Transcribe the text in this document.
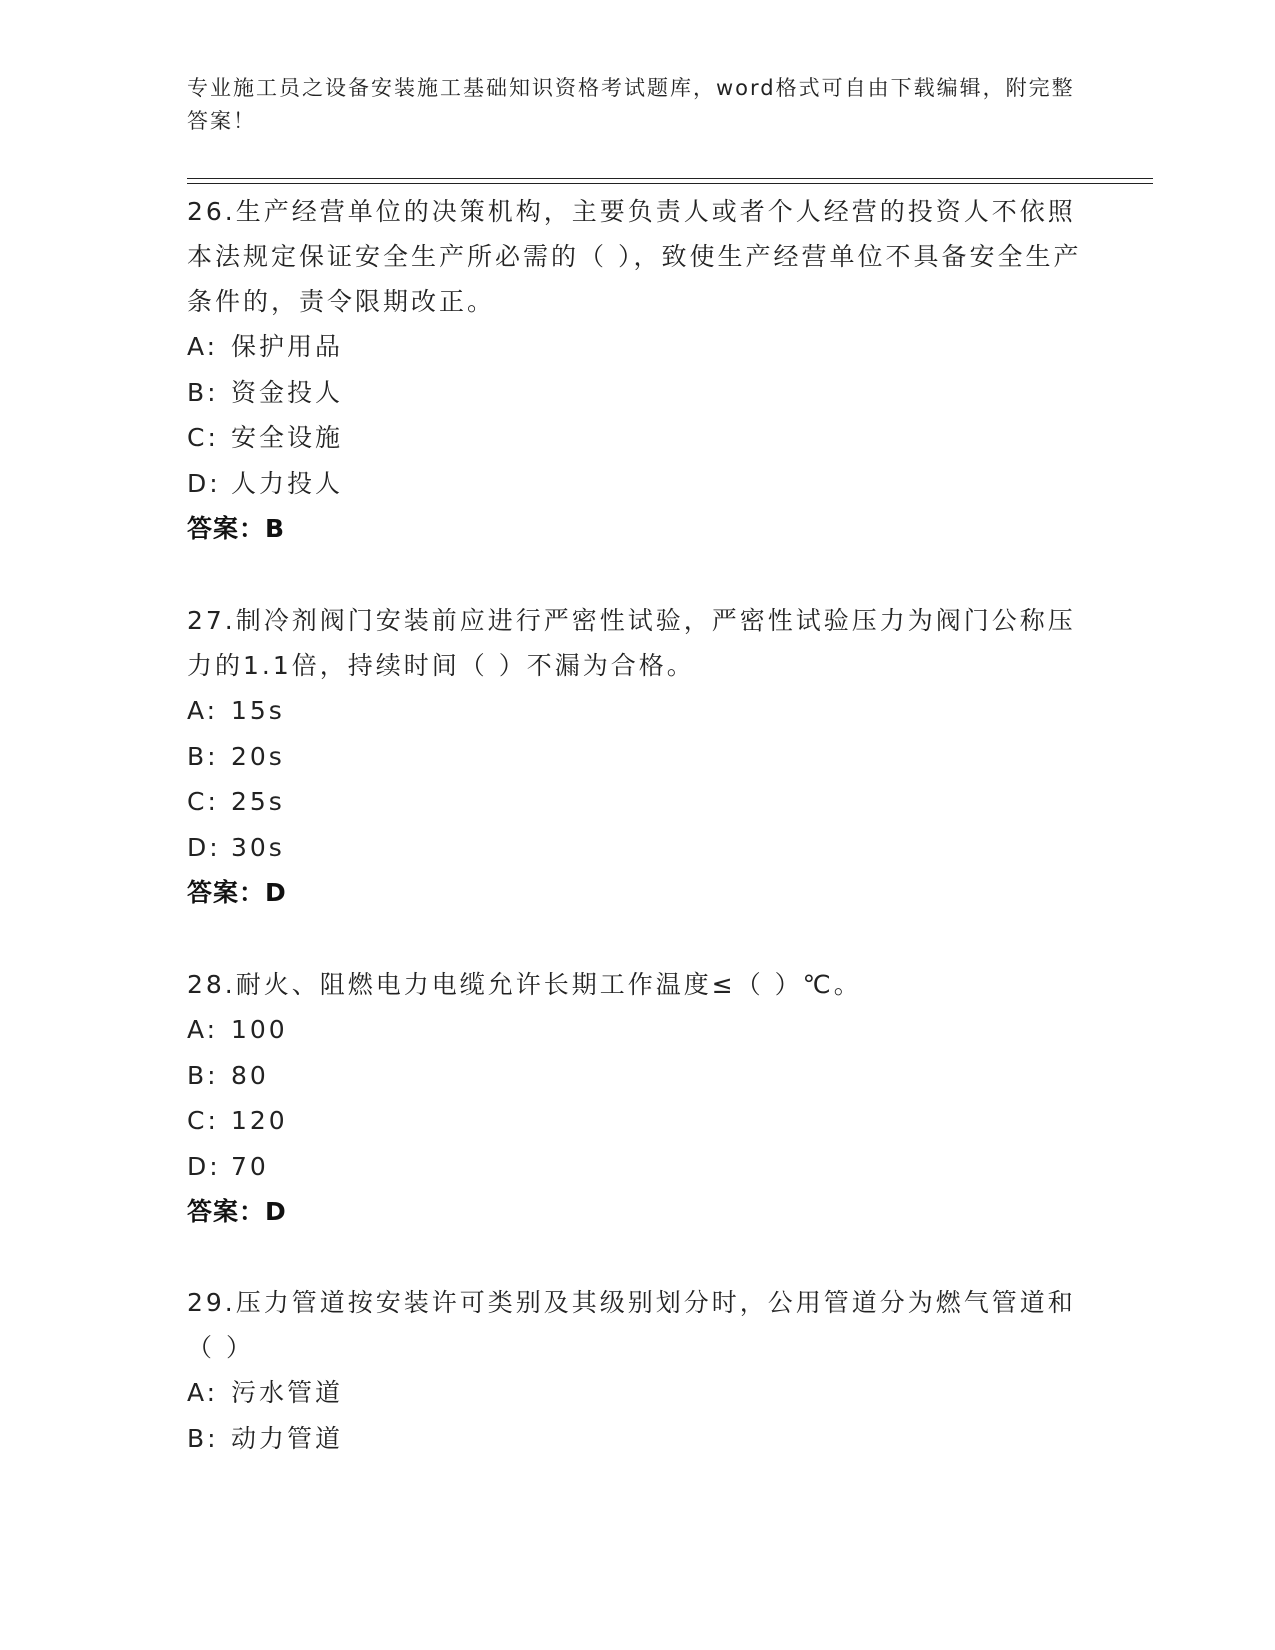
专业施工员之设备安装施工基础知识资格考试题库，word格式可自由下载编辑，附完整答案！
26.生产经营单位的决策机构，主要负责人或者个人经营的投资人不依照本法规定保证安全生产所必需的（ ），致使生产经营单位不具备安全生产条件的，责令限期改正。
A: 保护用品
B: 资金投人
C: 安全设施
D: 人力投人
答案：B
27.制冷剂阀门安装前应进行严密性试验，严密性试验压力为阀门公称压力的1.1倍，持续时间（ ）不漏为合格。
A: 15s
B: 20s
C: 25s
D: 30s
答案：D
28.耐火、阻燃电力电缆允许长期工作温度≤（ ）℃。
A: 100
B: 80
C: 120
D: 70
答案：D
29.压力管道按安装许可类别及其级别划分时，公用管道分为燃气管道和（ ）
A: 污水管道
B: 动力管道
